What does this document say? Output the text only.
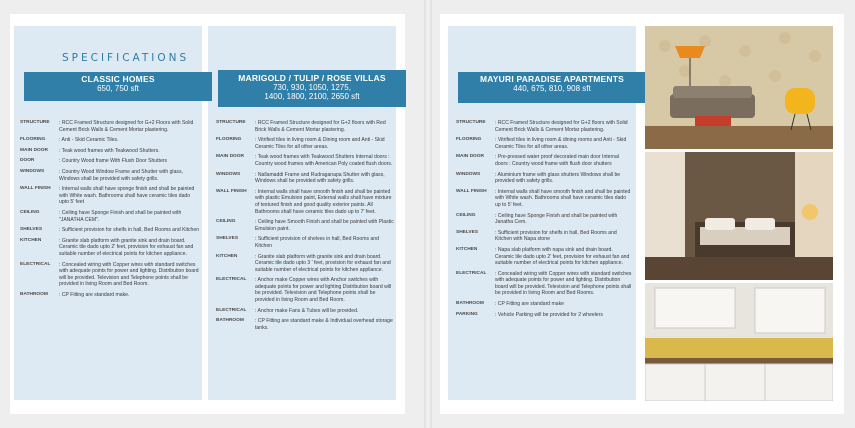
SPECIFICATIONS
CLASSIC HOMES
650, 750 sft
MARIGOLD / TULIP / ROSE VILLAS
730, 930, 1050, 1275,
1400, 1800, 2100, 2650 sft
MAYURI PARADISE APARTMENTS
440, 675, 810, 908 sft
STRUCTURE	: RCC Framed Structure designed for G+2 Floors with Solid Cement Brick Walls & Cement Mortar plastering.
FLOORING	: Anti - Skid Ceramic Tiles.
MAIN DOOR	: Teak wood frames with Teakwood Shutters.
DOOR	: Country Wood frame With Flush Door Shutters
WINDOWS	: Country Wood Window Frame and Shutter with glass, Windows shall be provided with safety grills.
WALL FINISH	: Internal walls shall have sponge finish and shall be painted with White wash. Bathrooms shall have ceramic tiles dado upto 5' feet
CEILING	: Ceiling have Sponge Finish and shall be painted with "JANATHA CEM".
SHELVES	: Sufficient provision for shelfs in hall, Bed Rooms and Kitchen
KITCHEN	: Granite slab platform with granite sink and drain board. Ceramic tile dado upto 2' feet, provision for exhaust fan and suitable number of electrical points for kitchen appliance.
ELECTRICAL	: Concealed wiring with Copper wires with standard switches with adequate points for power and lighting. Distribution board will be provided. Television and Telephone points shall be provided in living Room and Bed Room.
BATHROOM	: CP Fitting are standard make.
STRUCTURE	: RCC Framed Structure designed for G+2 floors with Red Brick Walls & Cement Mortar plastering.
FLOORING	: Vitrified tiles in living room & Dining room and Anti - Skid Ceramic Tiles for all other areas.
MAIN DOOR	: Teak wood frames with Teakwood Shutters Internal doors : Country wood frames with American Poly coated flush doors.
WINDOWS	: Nallamaddi Frame and Rudraganapa Shutter with glass, Windows shall be provided with safety grills.
WALL FINISH	: Internal walls shall have smooth finish and shall be painted with plastic Emulsion paint, External walls shall have mixture of textured finish and good quality exterior paints. All Bathrooms shall have ceramic tiles dado up to 7' feet.
CEILING	: Ceiling have Smooth Finish and shall be painted with Plastic Emulsion paint.
SHELVES	: Sufficient provision of shelves in hall, Bed Rooms and Kitchen
KITCHEN	: Granite slab platform with granite sink and drain board. Ceramic tile dado upto 3 ' feet, provision for exhaust fan and suitable number of electrical points for kitchen appliance.
ELECTRICAL	: Anchor make Copper wires with Anchor switches with adequate points for power and lighting Distribution board will be provided. Television and Telephone points shall be provided in living Room and Bed Room.
ELECTRICAL	: Anchor make Fans & Tubes will be provided.
BATHROOM	: CP Fitting are standard make & Individual overhead storage tanks.
STRUCTURE	: RCC Framed Structure designed for G+2 floors with Solid Cement Brick Walls & Cement Mortar plastering.
FLOORING	: Vitrified tiles in living room & dining rooms and Anti - Skid Ceramic Tiles for all other areas.
MAIN DOOR	: Pre-pressed water proof decorated main door Internal doors : Country wood frame with flush door shutters
WINDOWS	: Aluminium frame with glass shutters Windows shall be provided with safety grills.
WALL FINISH	: Internal walls shall have smooth finish and shall be painted with White wash. Bathrooms shall have ceramic tiles dado up to 5' feet.
CEILING	: Ceiling have Sponge Finish and shall be painted with Janatha Cem.
SHELVES	: Sufficient provision for shelfs in hall, Bed Rooms and Kitchen with Napa stone
KITCHEN	: Napa slab platform with napa sink and drain board. Ceramic tile dado upto 2' feet, provision for exhaust fan and suitable number of electrical points for kitchen appliance.
ELECTRICAL	: Concealed wiring with Copper wires with standard switches with adequate points for power and lighting. Distribution board will be provided. Television and Telephone points shall be provided in living Room and Bed Rooms.
BATHROOM	: CP Fitting are standard make
PARKING	: Vehicle Parking will be provided for 2 wheelers
